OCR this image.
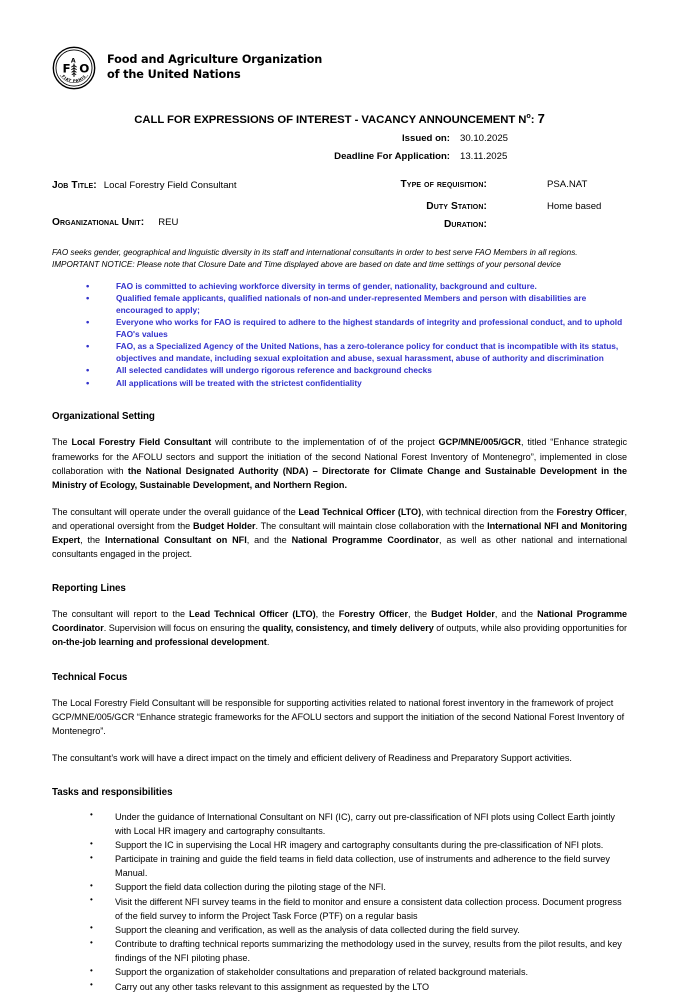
F O
A
FIAT PANIS
Food and Agriculture Organization
of the United Nations
CALL FOR EXPRESSIONS OF INTEREST - VACANCY ANNOUNCEMENT $N^o$: 7
Issued on:	30.10.2025
Deadline For Application:	13.11.2025
Job Title: Local Forestry Field Consultant
Organizational Unit: REU
Type of requisition:	PSA.NAT
Duty Station:	Home based
Duration:
FAO seeks gender, geographical and linguistic diversity in its staff and international consultants in order to best serve FAO Members in all regions.
IMPORTANT NOTICE: Please note that Closure Date and Time displayed above are based on date and time settings of your personal device
• FAO is committed to achieving workforce diversity in terms of gender, nationality, background and culture.
• Qualified female applicants, qualified nationals of non-and under-represented Members and person with disabilities are encouraged to apply;
• Everyone who works for FAO is required to adhere to the highest standards of integrity and professional conduct, and to uphold FAO's values
• FAO, as a Specialized Agency of the United Nations, has a zero-tolerance policy for conduct that is incompatible with its status, objectives and mandate, including sexual exploitation and abuse, sexual harassment, abuse of authority and discrimination
• All selected candidates will undergo rigorous reference and background checks
• All applications will be treated with the strictest confidentiality
Organizational Setting

The Local Forestry Field Consultant will contribute to the implementation of of the project GCP/MNE/005/GCR, titled “Enhance strategic frameworks for the AFOLU sectors and support the initiation of the second National Forest Inventory of Montenegro”, implemented in close collaboration with the National Designated Authority (NDA) – Directorate for Climate Change and Sustainable Development in the Ministry of Ecology, Sustainable Development, and Northern Region.

The consultant will operate under the overall guidance of the Lead Technical Officer (LTO), with technical direction from the Forestry Officer, and operational oversight from the Budget Holder. The consultant will maintain close collaboration with the International NFI and Monitoring Expert, the International Consultant on NFI, and the National Programme Coordinator, as well as other national and international consultants engaged in the project.

Reporting Lines

The consultant will report to the Lead Technical Officer (LTO), the Forestry Officer, the Budget Holder, and the National Programme Coordinator. Supervision will focus on ensuring the quality, consistency, and timely delivery of outputs, while also providing opportunities for on-the-job learning and professional development.

Technical Focus

The Local Forestry Field Consultant will be responsible for supporting activities related to national forest inventory in the framework of project GCP/MNE/005/GCR “Enhance strategic frameworks for the AFOLU sectors and support the initiation of the second National Forest Inventory of Montenegro”.

The consultant’s work will have a direct impact on the timely and efficient delivery of Readiness and Preparatory Support activities.

Tasks and responsibilities
• Under the guidance of International Consultant on NFI (IC), carry out pre-classification of NFI plots using Collect Earth jointly with Local HR imagery and cartography consultants.
• Support the IC in supervising the Local HR imagery and cartography consultants during the pre-classification of NFI plots.
• Participate in training and guide the field teams in field data collection, use of instruments and adherence to the field survey Manual.
• Support the field data collection during the piloting stage of the NFI.
• Visit the different NFI survey teams in the field to monitor and ensure a consistent data collection process. Document progress of the field survey to inform the Project Task Force (PTF) on a regular basis
• Support the cleaning and verification, as well as the analysis of data collected during the field survey.
• Contribute to drafting technical reports summarizing the methodology used in the survey, results from the pilot results, and key findings of the NFI piloting phase.
• Support the organization of stakeholder consultations and preparation of related background materials.
• Carry out any other tasks relevant to this assignment as requested by the LTO
